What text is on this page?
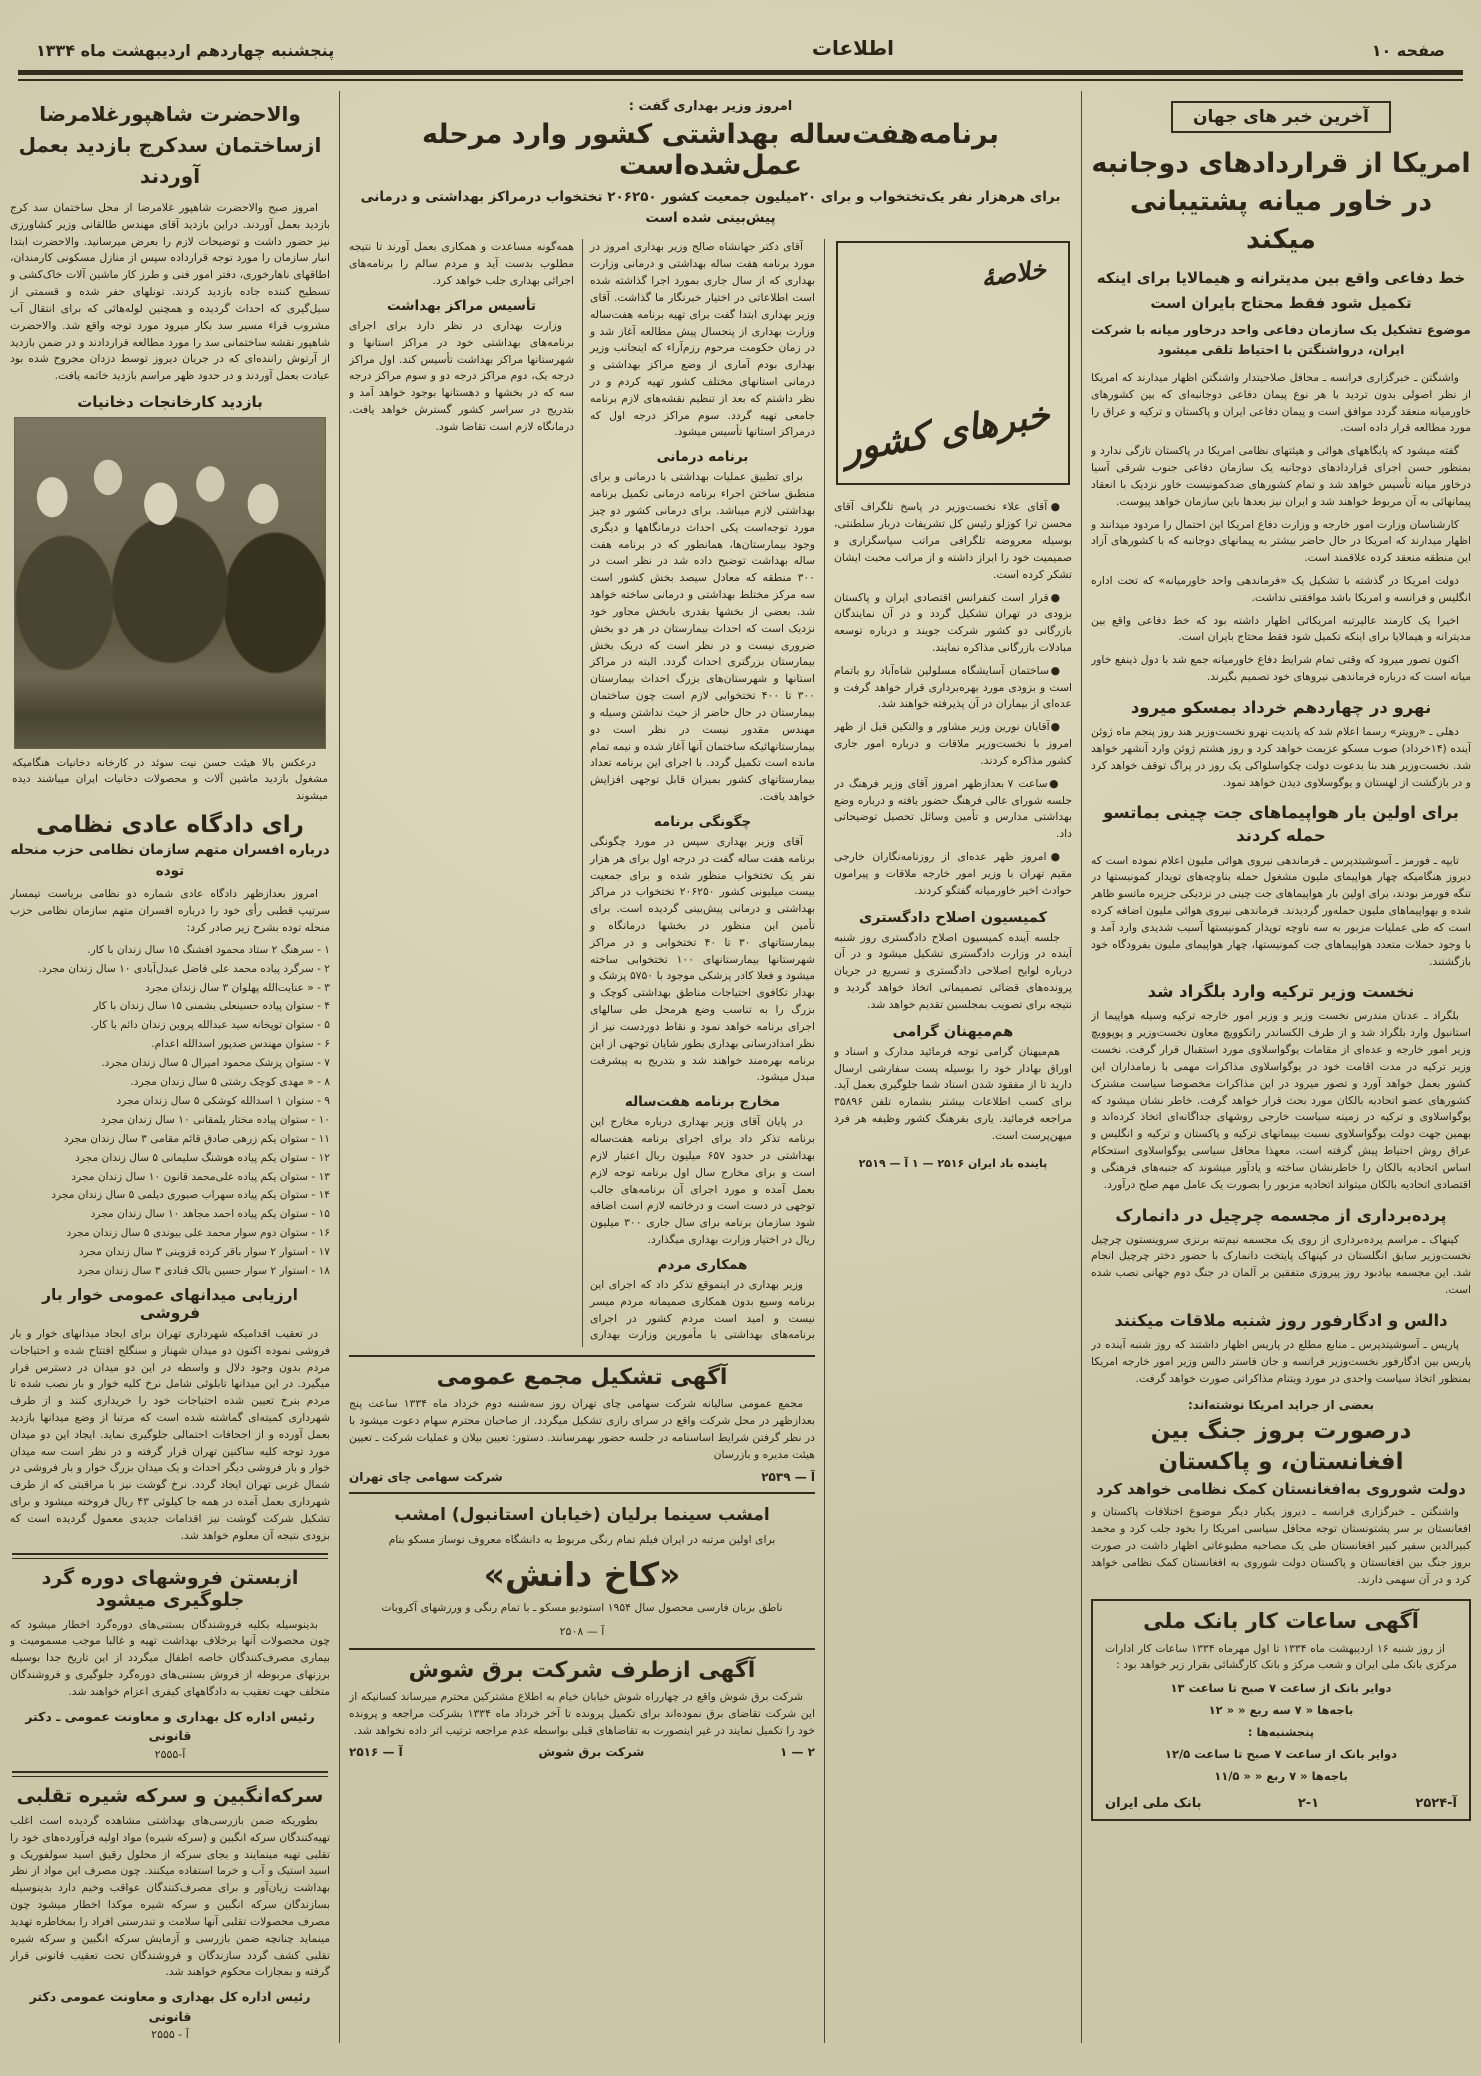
صفحه ۱۰
اطلاعات
پنجشنبه چهاردهم اردیبهشت ماه ۱۳۳۴
آخرین خبر های جهان
امریکا از قراردادهای دوجانبه در خاور میانه پشتیبانی میکند

خط دفاعی واقع بین مدیترانه و هیمالایا برای اینکه تکمیل شود فقط محتاج بایران است

موضوع تشکیل یک سازمان دفاعی واحد درخاور میانه با شرکت ایران، درواشنگتن با احتیاط تلقی میشود

واشنگتن ـ خبرگزاری فرانسه ـ محافل صلاحیتدار واشنگتن اظهار میدارند که امریکا از نظر اصولی بدون تردید با هر نوع پیمان دفاعی دوجانبه‌ای که بین کشورهای خاورمیانه منعقد گردد موافق است و پیمان دفاعی ایران و پاکستان و ترکیه و عراق را مورد مطالعه قرار داده است.

گفته میشود که پایگاههای هوائی و هیئتهای نظامی امریکا در پاکستان تازگی ندارد و بمنظور حسن اجرای قراردادهای دوجانبه یک سازمان دفاعی جنوب شرقی آسیا درخاور میانه تأسیس خواهد شد و تمام کشورهای ضدکمونیست خاور نزدیک با انعقاد پیمانهائی به آن مربوط خواهند شد و ایران نیز بعدها باین سازمان خواهد پیوست.

کارشناسان وزارت امور خارجه و وزارت دفاع امریکا این احتمال را مردود میدانند و اظهار میدارند که امریکا در حال حاضر بیشتر به پیمانهای دوجانبه که با کشورهای آزاد این منطقه منعقد کرده علاقمند است.

دولت امریکا در گذشته با تشکیل یک «فرماندهی واحد خاورمیانه» که تحت اداره انگلیس و فرانسه و امریکا باشد موافقتی نداشت.

اخیرا یک کارمند عالیرتبه امریکائی اظهار داشته بود که خط دفاعی واقع بین مدیترانه و هیمالایا برای اینکه تکمیل شود فقط محتاج بایران است.

اکنون تصور میرود که وقتی تمام شرایط دفاع خاورمیانه جمع شد با دول ذینفع خاور میانه است که درباره فرماندهی نیروهای خود تصمیم بگیرند.

نهرو در چهاردهم خرداد بمسکو میرود

دهلی ـ «رویتر» رسما اعلام شد که پاندیت نهرو نخست‌وزیر هند روز پنجم ماه ژوئن آینده (۱۴خرداد) صوب مسکو عزیمت خواهد کرد و روز هشتم ژوئن وارد آنشهر خواهد شد. نخست‌وزیر هند بنا بدعوت دولت چکواسلواکی یک روز در پراگ توقف خواهد کرد و در بازگشت از لهستان و یوگوسلاوی دیدن خواهد نمود.

برای اولین بار هواپیماهای جت چینی بماتسو حمله کردند

تایپه ـ فورمز ـ آسوشیتدپرس ـ فرماندهی نیروی هوائی ملیون اعلام نموده است که دیروز هنگامیکه چهار هواپیمای ملیون مشغول حمله بناوچه‌های توپدار کمونیستها در تنگه فورمز بودند، برای اولین بار هواپیماهای جت چینی در نزدیکی جزیره ماتسو ظاهر شده و بهواپیماهای ملیون حمله‌ور گردیدند. فرماندهی نیروی هوائی ملیون اضافه کرده است که طی عملیات مزبور به سه ناوچه توپدار کمونیستها آسیب شدیدی وارد آمد و با وجود حملات متعدد هواپیماهای جت کمونیستها، چهار هواپیمای ملیون بفرودگاه خود بازگشتند.

نخست وزیر ترکیه وارد بلگراد شد

بلگراد ـ عدنان مندرس نخست وزیر و وزیر امور خارجه ترکیه وسیله هواپیما از استانبول وارد بلگراد شد و از طرف الکساندر رانکوویچ معاون نخست‌وزیر و پوپوویچ وزیر امور خارجه و عده‌ای از مقامات یوگواسلاوی مورد استقبال قرار گرفت. نخست وزیر ترکیه در مدت اقامت خود در یوگواسلاوی مذاکرات مهمی با زمامداران این کشور بعمل خواهد آورد و تصور میرود در این مذاکرات مخصوصا سیاست مشترک کشورهای عضو اتحادیه بالکان مورد بحث قرار خواهد گرفت. خاطر نشان میشود که یوگواسلاوی و ترکیه در زمینه سیاست خارجی روشهای جداگانه‌ای اتخاذ کرده‌اند و بهمین جهت دولت یوگواسلاوی نسبت بپیمانهای ترکیه و پاکستان و ترکیه و انگلیس و عراق روش احتیاط پیش گرفته است. معهذا محافل سیاسی یوگواسلاوی استحکام اساس اتحادیه بالکان را خاطرنشان ساخته و یادآور میشوند که جنبه‌های فرهنگی و اقتصادی اتحادیه بالکان میتواند اتحادیه مزبور را بصورت یک عامل مهم صلح درآورد.

پرده‌برداری از مجسمه چرچیل در دانمارک

کپنهاک ـ مراسم پرده‌برداری از روی یک مجسمه نیم‌تنه برنزی سروینستون چرچیل نخست‌وزیر سابق انگلستان در کپنهاک پایتخت دانمارک با حضور دختر چرچیل انجام شد. این مجسمه بیادبود روز پیروزی متفقین بر آلمان در جنگ دوم جهانی نصب شده است.

دالس و ادگارفور روز شنبه ملاقات میکنند

پاریس ـ آسوشیتدپرس ـ منابع مطلع در پاریس اظهار داشتند که روز شنبه آینده در پاریس بین ادگارفور نخست‌وزیر فرانسه و جان فاستر دالس وزیر امور خارجه امریکا بمنظور اتخاذ سیاست واحدی در مورد ویتنام مذاکراتی صورت خواهد گرفت.

بعضی از جراید امریکا نوشته‌اند:

درصورت بروز جنگ بین افغانستان، و پاکستان
دولت شوروی به‌افغانستان کمک نظامی خواهد کرد

واشنگتن ـ خبرگزاری فرانسه ـ دیروز یکبار دیگر موضوع اختلافات پاکستان و افغانستان بر سر پشتونستان توجه محافل سیاسی امریکا را بخود جلب کرد و محمد کبیرالدین سفیر کبیر افغانستان طی یک مصاحبه مطبوعاتی اظهار داشت در صورت بروز جنگ بین افغانستان و پاکستان دولت شوروی به افغانستان کمک نظامی خواهد کرد و در آن سهمی دارند.

آگهی ساعات کار بانک ملی

از روز شنبه ۱۶ اردیبهشت ماه ۱۳۳۴ تا اول مهرماه ۱۳۳۴ ساعات کار ادارات مرکزی بانک ملی ایران و شعب مرکز و بانک کارگشائی بقرار زیر خواهد بود :

دوایر بانک از ساعت ۷ صبح تا ساعت ۱۳

باجه‌ها « ۷ سه ربع « « ۱۲

پنجشنبه‌ها :

دوایر بانک از ساعت ۷ صبح تا ساعت ۱۲/۵

باجه‌ها « ۷ ربع « « ۱۱/۵

آ-۲۵۲۴
۲-۱
بانک ملی ایران

امروز وزیر بهداری گفت :

برنامه‌هفت‌ساله بهداشتی کشور وارد مرحله عمل‌شده‌است

برای هرهزار نفر یک‌تختخواب و برای ۲۰میلیون جمعیت کشور ۲۰۶۲۵۰ تختخواب درمراکز بهداشتی و درمانی پیش‌بینی شده است

خلاصهٔ
خبرهای کشور

●آقای علاء نخست‌وزیر در پاسخ تلگراف آقای محسن ترا کوزلو رئیس کل تشریفات دربار سلطنتی، بوسیله معروضه تلگرافی مراتب سپاسگزاری و صمیمیت خود را ابراز داشته و از مراتب محبت ایشان تشکر کرده است.

●قرار است کنفرانس اقتصادی ایران و پاکستان بزودی در تهران تشکیل گردد و در آن نمایندگان بازرگانی دو کشور شرکت جویند و درباره توسعه مبادلات بازرگانی مذاکره نمایند.

●ساختمان آسایشگاه مسلولین شاه‌آباد رو باتمام است و بزودی مورد بهره‌برداری قرار خواهد گرفت و عده‌ای از بیماران در آن پذیرفته خواهند شد.

●آقایان نورین وزیر مشاور و والتکین قبل از ظهر امروز با نخست‌وزیر ملاقات و درباره امور جاری کشور مذاکره کردند.

●ساعت ۷ بعدازظهر امروز آقای وزیر فرهنگ در جلسه شورای عالی فرهنگ حضور یافته و درباره وضع بهداشتی مدارس و تأمین وسائل تحصیل توضیحاتی داد.

●امروز ظهر عده‌ای از روزنامه‌نگاران خارجی مقیم تهران با وزیر امور خارجه ملاقات و پیرامون حوادث اخیر خاورمیانه گفتگو کردند.

کمیسیون اصلاح دادگستری

جلسه آینده کمیسیون اصلاح دادگستری روز شنبه آینده در وزارت دادگستری تشکیل میشود و در آن درباره لوایح اصلاحی دادگستری و تسریع در جریان پرونده‌های قضائی تصمیماتی اتخاذ خواهد گردید و نتیجه برای تصویب بمجلسین تقدیم خواهد شد.

هم‌میهنان گرامی

هم‌میهنان گرامی توجه فرمائید مدارک و اسناد و اوراق بهادار خود را بوسیله پست سفارشی ارسال دارید تا از مفقود شدن اسناد شما جلوگیری بعمل آید. برای کسب اطلاعات بیشتر بشماره تلفن ۳۵۸۹۶ مراجعه فرمائید. یاری بفرهنگ کشور وظیفه هر فرد میهن‌پرست است.

پاینده باد ایران ۲۵۱۶ — ۱ آ — ۲۵۱۹

آقای دکتر جهانشاه صالح وزیر بهداری امروز در مورد برنامه هفت ساله بهداشتی و درمانی وزارت بهداری که از سال جاری بمورد اجرا گذاشته شده است اطلاعاتی در اختیار خبرنگار ما گذاشت. آقای وزیر بهداری ابتدا گفت برای تهیه برنامه هفت‌ساله وزارت بهداری از پنجسال پیش مطالعه آغاز شد و در زمان حکومت مرحوم رزم‌آراء که اینجانب وزیر بهداری بودم آماری از وضع مراکز بهداشتی و درمانی استانهای مختلف کشور تهیه کردم و در نظر داشتم که بعد از تنظیم نقشه‌های لازم برنامه جامعی تهیه گردد. سوم مراکز درجه اول که درمراکز استانها تأسیس میشود.

برنامه درمانی

برای تطبیق عملیات بهداشتی با درمانی و برای منطبق ساختن اجراء برنامه درمانی تکمیل برنامه بهداشتی لازم میباشد. برای درمانی کشور دو چیز مورد توجه‌است یکی احداث درمانگاهها و دیگری وجود بیمارستان‌ها، همانطور که در برنامه هفت ساله بهداشت توضیح داده شد در نظر است در ۳۰۰ منطقه که معادل سیصد بخش کشور است سه مرکز مختلط بهداشتی و درمانی ساخته خواهد شد. بعضی از بخشها بقدری بابخش مجاور خود نزدیک است که احداث بیمارستان در هر دو بخش ضروری نیست و در نظر است که دریک بخش بیمارستان بزرگتری احداث گردد. البته در مراکز استانها و شهرستان‌های بزرگ احداث بیمارستان ۳۰۰ تا ۴۰۰ تختخوابی لازم است چون ساختمان بیمارستان در حال حاضر از حیث نداشتن وسیله و مهندس مقدور نیست در نظر است دو بیمارستانهائیکه ساختمان آنها آغاز شده و نیمه تمام مانده است تکمیل گردد. با اجرای این برنامه تعداد بیمارستانهای کشور بمیزان قابل توجهی افزایش خواهد یافت.

چگونگی برنامه

آقای وزیر بهداری سپس در مورد چگونگی برنامه هفت ساله گفت در درجه اول برای هر هزار نفر یک تختخواب منظور شده و برای جمعیت بیست میلیونی کشور ۲۰۶۲۵۰ تختخواب در مراکز بهداشتی و درمانی پیش‌بینی گردیده است. برای تأمین این منظور در بخشها درمانگاه و بیمارستانهای ۳۰ تا ۴۰ تختخوابی و در مراکز شهرستانها بیمارستانهای ۱۰۰ تختخوابی ساخته میشود و فعلا کادر پزشکی موجود با ۵۷۵۰ پزشک و بهدار تکافوی احتیاجات مناطق بهداشتی کوچک و بزرگ را به تناسب وضع هرمحل طی سالهای اجرای برنامه خواهد نمود و نقاط دوردست نیز از نظر امدادرسانی بهداری بطور شایان توجهی از این برنامه بهره‌مند خواهند شد و بتدریج به پیشرفت مبدل میشود.

مخارج برنامه هفت‌ساله

در پایان آقای وزیر بهداری درباره مخارج این برنامه تذکر داد برای اجرای برنامه هفت‌ساله بهداشتی در حدود ۶۵۷ میلیون ریال اعتبار لازم است و برای مخارج سال اول برنامه توجه لازم بعمل آمده و مورد اجرای آن برنامه‌های جالب توجهی در دست است و درخاتمه لازم است اضافه شود سازمان برنامه برای سال جاری ۳۰۰ میلیون ریال در اختیار وزارت بهداری میگذارد.

همکاری مردم

وزیر بهداری در اینموقع تذکر داد که اجرای این برنامه وسیع بدون همکاری صمیمانه مردم میسر نیست و امید است مردم کشور در اجرای برنامه‌های بهداشتی با مأمورین وزارت بهداری همه‌گونه مساعدت و همکاری بعمل آورند تا نتیجه مطلوب بدست آید و مردم سالم را برنامه‌های اجرائی بهداری جلب خواهد کرد.

تأسیس مراکز بهداشت

وزارت بهداری در نظر دارد برای اجرای برنامه‌های بهداشتی خود در مراکز استانها و شهرستانها مراکز بهداشت تأسیس کند. اول مراکز درجه یک، دوم مراکز درجه دو و سوم مراکز درجه سه که در بخشها و دهستانها بوجود خواهد آمد و بتدریج در سراسر کشور گسترش خواهد یافت. درمانگاه لازم است تقاضا شود.

آگهی تشکیل مجمع عمومی

مجمع عمومی سالیانه شرکت سهامی چای تهران روز سه‌شنبه دوم خرداد ماه ۱۳۳۴ ساعت پنج بعدازظهر در محل شرکت واقع در سرای رازی تشکیل میگردد. از صاحبان محترم سهام دعوت میشود با در نظر گرفتن شرایط اساسنامه در جلسه حضور بهمرسانند. دستور: تعیین بیلان و عملیات شرکت ـ تعیین هیئت مدیره و بازرسان

آ — ۲۵۳۹
شرکت سهامی چای تهران

امشب سینما برلیان (خیابان استانبول) امشب

برای اولین مرتبه در ایران فیلم تمام رنگی مربوط به دانشگاه معروف نوساز مسکو بنام

«کاخ دانش»

ناطق بزبان فارسی محصول سال ۱۹۵۴ استودیو مسکو ـ با تمام رنگی و ورزشهای آکروبات

آ — ۲۵۰۸

آگهی ازطرف شرکت برق شوش

شرکت برق شوش واقع در چهارراه شوش خیابان خیام به اطلاع مشترکین محترم میرساند کسانیکه از این شرکت تقاضای برق نموده‌اند برای تکمیل پرونده تا آخر خرداد ماه ۱۳۳۴ بشرکت مراجعه و پرونده خود را تکمیل نمایند در غیر اینصورت به تقاضاهای قبلی بواسطه عدم مراجعه ترتیب اثر داده نخواهد شد.

۲ — ۱
شرکت برق شوش
آ — ۲۵۱۶
والاحضرت شاهپورغلامرضا ازساختمان سدکرج بازدید بعمل آوردند

امروز صبح والاحضرت شاهپور غلامرضا از محل ساختمان سد کرج بازدید بعمل آوردند. دراین بازدید آقای مهندس طالقانی وزیر کشاورزی نیز حضور داشت و توضیحات لازم را بعرض میرسانید. والاحضرت ابتدا انبار سازمان را مورد توجه قرارداده سپس از منازل مسکونی کارمندان، اطاقهای ناهارخوری، دفتر امور فنی و طرز کار ماشین آلات خاک‌کشی و تسطیح کننده جاده بازدید کردند. تونلهای حفر شده و قسمتی از سیل‌گیری که احداث گردیده و همچنین لوله‌هائی که برای انتقال آب مشروب قراء مسیر سد بکار میرود مورد توجه واقع شد. والاحضرت شاهپور نقشه ساختمانی سد را مورد مطالعه قراردادند و در ضمن بازدید از آرتوش راننده‌ای که در جریان دیروز توسط دزدان مجروح شده بود عیادت بعمل آوردند و در حدود ظهر مراسم بازدید خاتمه یافت.

بازدید کارخانجات دخانیات

درعکس بالا هیئت حسن نیت سوئد در کارخانه دخانیات هنگامیکه مشغول بازدید ماشین آلات و محصولات دخانیات ایران میباشند دیده میشوند

رای دادگاه عادی نظامی

درباره افسران متهم سازمان نظامی حزب منحله توده

امروز بعدازظهر دادگاه عادی شماره دو نظامی بریاست تیمسار سرتیپ قطبی رأی خود را درباره افسران متهم سازمان نظامی حزب منحله توده بشرح زیر صادر کرد:

۱ - سرهنگ ۲ ستاد محمود افشنگ ۱۵ سال زندان با کار.

۲ - سرگرد پیاده محمد علی فاضل عبدل‌آبادی ۱۰ سال زندان مجرد.

۳ - « عنایت‌الله پهلوان ۳ سال زندان مجرد

۴ - ستوان پیاده حسینعلی بشمنی ۱۵ سال زندان با کار

۵ - ستوان توپخانه سید عبدالله پروین زندان دائم با کار.

۶ - ستوان مهندس صدپور اسدالله اعدام.

۷ - ستوان پزشک محمود امیرال ۵ سال زندان مجرد.

۸ - « مهدی کوچک رشتی ۵ سال زندان مجرد.

۹ - ستوان ۱ اسدالله کوشکی ۵ سال زندان مجرد

۱۰ - ستوان پیاده مختار یلمقانی ۱۰ سال زندان مجرد

۱۱ - ستوان یکم زرهی صادق قائم مقامی ۳ سال زندان مجرد

۱۲ - ستوان یکم پیاده هوشنگ سلیمانی ۵ سال زندان مجرد

۱۳ - ستوان یکم پیاده علی‌محمد قانون ۱۰ سال زندان مجرد

۱۴ - ستوان یکم پیاده سهراب صبوری دیلمی ۵ سال زندان مجرد

۱۵ - ستوان یکم پیاده احمد مجاهد ۱۰ سال زندان مجرد

۱۶ - ستوان دوم سوار محمد علی بیوندی ۵ سال زندان مجرد

۱۷ - استوار ۲ سوار باقر کرده قزوینی ۳ سال زندان مجرد

۱۸ - استوار ۲ سوار حسین بالک قنادی ۳ سال زندان مجرد

ارزیابی میدانهای عمومی خوار بار فروشی

در تعقیب اقدامیکه شهرداری تهران برای ایجاد میدانهای خوار و بار فروشی نموده اکنون دو میدان شهناز و سنگلج افتتاح شده و احتیاجات مردم بدون وجود دلال و واسطه در این دو میدان در دسترس قرار میگیرد. در این میدانها تابلوئی شامل نرخ کلیه خوار و بار نصب شده تا مردم بنرخ تعیین شده احتیاجات خود را خریداری کنند و از طرف شهرداری کمیته‌ای گماشته شده است که مرتبا از وضع میدانها بازدید بعمل آورده و از اجحافات احتمالی جلوگیری نماید. ایجاد این دو میدان مورد توجه کلیه ساکنین تهران قرار گرفته و در نظر است سه میدان خوار و بار فروشی دیگر احداث و یک میدان بزرگ خوار و بار فروشی در شمال غربی تهران ایجاد گردد. نرخ گوشت نیز با مراقبتی که از طرف شهرداری بعمل آمده در همه جا کیلوئی ۴۳ ریال فروخته میشود و برای تشکیل شرکت گوشت نیز اقدامات جدیدی معمول گردیده است که بزودی نتیجه آن معلوم خواهد شد.

ازبستن فروشهای دوره گرد جلوگیری میشود

بدینوسیله بکلیه فروشندگان بستنی‌های دوره‌گرد اخطار میشود که چون محصولات آنها برخلاف بهداشت تهیه و غالبا موجب مسمومیت و بیماری مصرف‌کنندگان خاصه اطفال میگردد از این تاریخ جدا بوسیله برزنهای مربوطه از فروش بستنی‌های دوره‌گرد جلوگیری و فروشندگان متخلف جهت تعقیب به دادگاههای کیفری اعزام خواهند شد.

رئیس اداره کل بهداری و معاونت عمومی ـ دکتر قانونی

آ-۲۵۵۵

سرکه‌انگبین و سرکه شیره تقلبی

بطوریکه ضمن بازرسی‌های بهداشتی مشاهده گردیده است اغلب تهیه‌کنندگان سرکه انگبین و (سرکه شیره) مواد اولیه فرآورده‌های خود را تقلبی تهیه مینمایند و بجای سرکه از محلول رقیق اسید سولفوریک و اسید استیک و آب و خرما استفاده میکنند. چون مصرف این مواد از نظر بهداشت زیان‌آور و برای مصرف‌کنندگان عواقب وخیم دارد بدینوسیله بسازندگان سرکه انگبین و سرکه شیره موکدا اخطار میشود چون مصرف محصولات تقلبی آنها سلامت و تندرستی افراد را بمخاطره تهدید مینماید چنانچه ضمن بازرسی و آزمایش سرکه انگبین و سرکه شیره تقلبی کشف گردد سازندگان و فروشندگان تحت تعقیب قانونی قرار گرفته و بمجازات محکوم خواهند شد.

رئیس اداره کل بهداری و معاونت عمومی دکتر قانونی

آ - ۲۵۵۵
